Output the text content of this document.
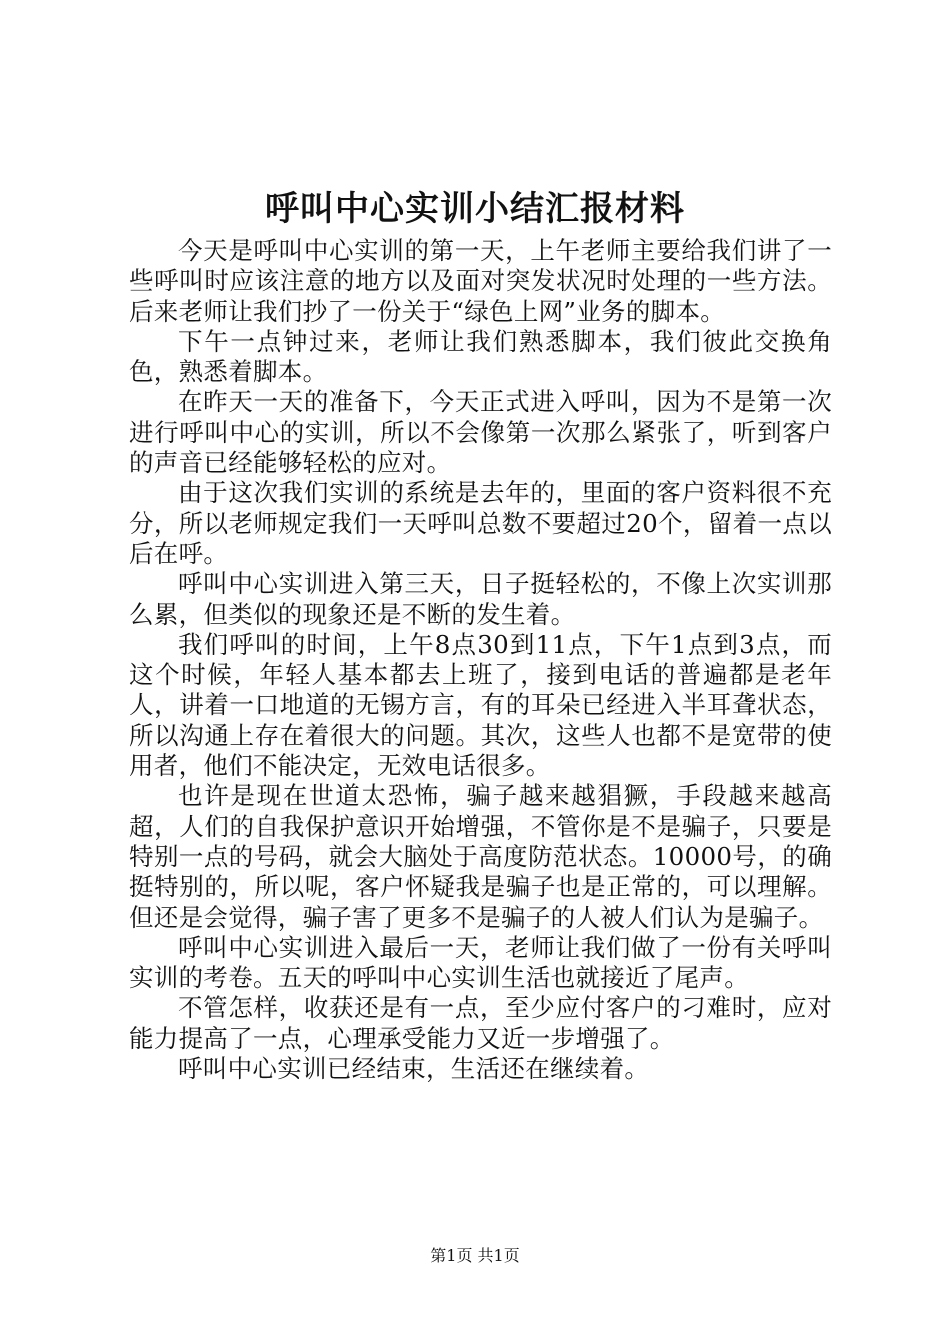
呼叫中心实训小结汇报材料

今天是呼叫中心实训的第一天，上午老师主要给我们讲了一些呼叫时应该注意的地方以及面对突发状况时处理的一些方法。后来老师让我们抄了一份关于“绿色上网”业务的脚本。

下午一点钟过来，老师让我们熟悉脚本，我们彼此交换角色，熟悉着脚本。

在昨天一天的准备下，今天正式进入呼叫，因为不是第一次进行呼叫中心的实训，所以不会像第一次那么紧张了，听到客户的声音已经能够轻松的应对。

由于这次我们实训的系统是去年的，里面的客户资料很不充分，所以老师规定我们一天呼叫总数不要超过20个，留着一点以后在呼。

呼叫中心实训进入第三天，日子挺轻松的，不像上次实训那么累，但类似的现象还是不断的发生着。

我们呼叫的时间，上午8点30到11点，下午1点到3点，而这个时候，年轻人基本都去上班了，接到电话的普遍都是老年人，讲着一口地道的无锡方言，有的耳朵已经进入半耳聋状态，所以沟通上存在着很大的问题。其次，这些人也都不是宽带的使用者，他们不能决定，无效电话很多。

也许是现在世道太恐怖，骗子越来越猖獗，手段越来越高超，人们的自我保护意识开始增强，不管你是不是骗子，只要是特别一点的号码，就会大脑处于高度防范状态。10000号，的确挺特别的，所以呢，客户怀疑我是骗子也是正常的，可以理解。但还是会觉得，骗子害了更多不是骗子的人被人们认为是骗子。

呼叫中心实训进入最后一天，老师让我们做了一份有关呼叫实训的考卷。五天的呼叫中心实训生活也就接近了尾声。

不管怎样，收获还是有一点，至少应付客户的刁难时，应对能力提高了一点，心理承受能力又近一步增强了。

呼叫中心实训已经结束，生活还在继续着。

第1页 共1页
